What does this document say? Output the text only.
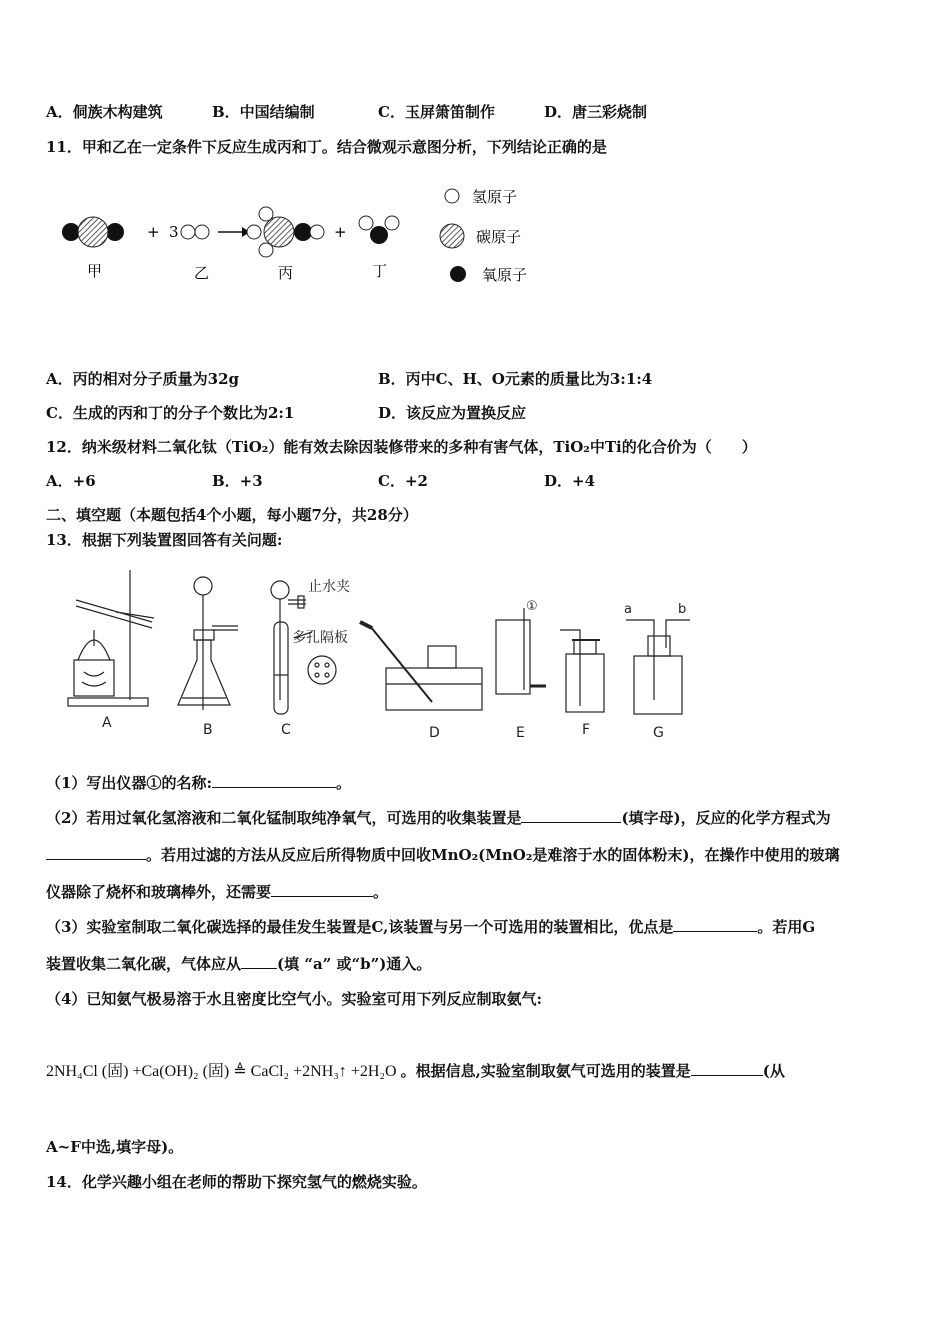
A．侗族木构建筑	B．中国结编制	C．玉屏箫笛制作	D．唐三彩烧制
11．甲和乙在一定条件下反应生成丙和丁。结合微观示意图分析，下列结论正确的是
+ 3	+
甲	乙	丙	丁
氢原子
碳原子
氧原子
A．丙的相对分子质量为32g	B．丙中C、H、O元素的质量比为3:1:4
C．生成的丙和丁的分子个数比为2:1	D．该反应为置换反应
12．纳米级材料二氧化钛（TiO₂）能有效去除因装修带来的多种有害气体，TiO₂中Ti的化合价为（　　）
A．+6	B．+3	C．+2	D．+4
二、填空题（本题包括4个小题，每小题7分，共28分）
13．根据下列装置图回答有关问题:
止水夹
多孔隔板
①	a	b
A	B	C	D	E	F	G
（1）写出仪器①的名称:	。
（2）若用过氧化氢溶液和二氧化锰制取纯净氧气，可选用的收集装置是	(填字母)，反应的化学方程式为
。若用过滤的方法从反应后所得物质中回收MnO₂(MnO₂是难溶于水的固体粉末)，在操作中使用的玻璃
仪器除了烧杯和玻璃棒外，还需要	。
（3）实验室制取二氧化碳选择的最佳发生装置是C,该装置与另一个可选用的装置相比，优点是	。若用G
装置收集二氧化碳，气体应从 (填 “a” 或“b”)通入。
（4）已知氨气极易溶于水且密度比空气小。实验室可用下列反应制取氨气:
2NH₄Cl (固) +Ca(OH)₂ (固) ≜ CaCl₂ +2NH₃↑ +2H₂O 。根据信息,实验室制取氨气可选用的装置是	(从
A~F中选,填字母)。
14．化学兴趣小组在老师的帮助下探究氢气的燃烧实验。
